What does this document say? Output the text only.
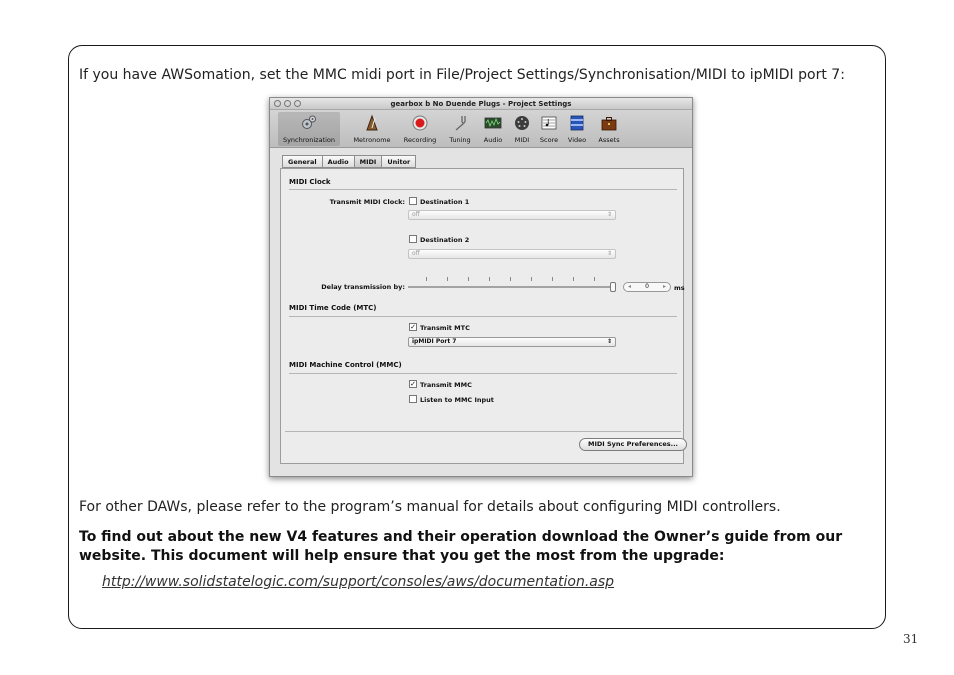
If you have AWSomation, set the MMC midi port in File/Project Settings/Synchronisation/MIDI to ipMIDI port 7:

gearbox b No Duende Plugs - Project Settings
Synchronization	Metronome	Recording	Tuning	Audio	MIDI	Score	Video	Assets
General Audio MIDI Unitor
MIDI Clock
Transmit MIDI Clock: Destination 1
off	⇕
Destination 2
off	⇕
Delay transmission by:	◂ 0 ▸ ms
MIDI Time Code (MTC)
✓ Transmit MTC
ipMIDI Port 7	⇕
MIDI Machine Control (MMC)
✓ Transmit MMC
Listen to MMC Input
MIDI Sync Preferences...

For other DAWs, please refer to the program’s manual for details about configuring MIDI controllers.

To find out about the new V4 features and their operation download the Owner’s guide from our website. This document will help ensure that you get the most from the upgrade:

http://www.solidstatelogic.com/support/consoles/aws/documentation.asp
31
